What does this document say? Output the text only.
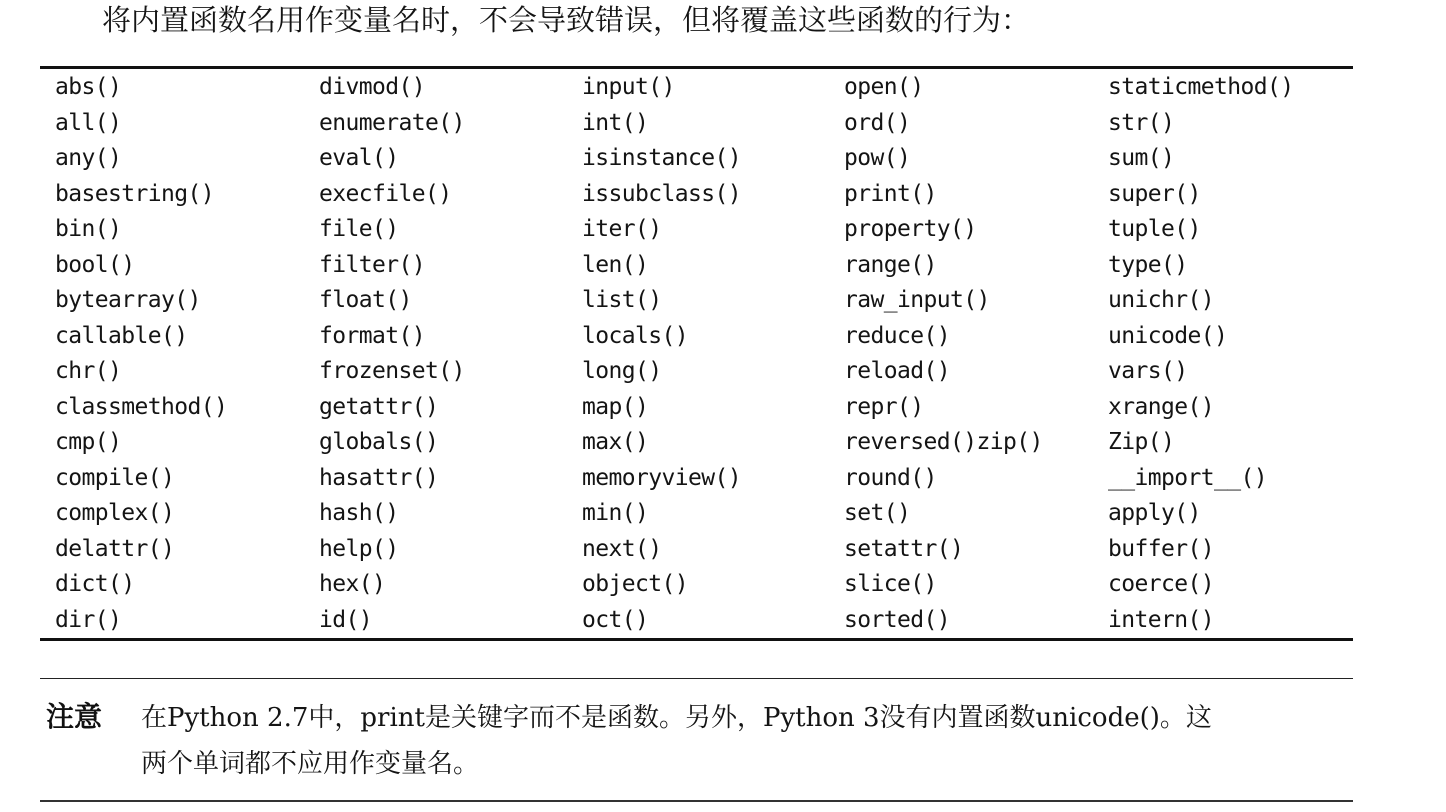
将内置函数名用作变量名时，不会导致错误，但将覆盖这些函数的行为：
abs()
all()
any()
basestring()
bin()
bool()
bytearray()
callable()
chr()
classmethod()
cmp()
compile()
complex()
delattr()
dict()
dir()
divmod()
enumerate()
eval()
execfile()
file()
filter()
float()
format()
frozenset()
getattr()
globals()
hasattr()
hash()
help()
hex()
id()
input()
int()
isinstance()
issubclass()
iter()
len()
list()
locals()
long()
map()
max()
memoryview()
min()
next()
object()
oct()
open()
ord()
pow()
print()
property()
range()
raw_input()
reduce()
reload()
repr()
reversed()zip()
round()
set()
setattr()
slice()
sorted()
staticmethod()
str()
sum()
super()
tuple()
type()
unichr()
unicode()
vars()
xrange()
Zip()
__import__()
apply()
buffer()
coerce()
intern()
注意 在Python 2.7中，print是关键字而不是函数。另外，Python 3没有内置函数unicode()。这
两个单词都不应用作变量名。
